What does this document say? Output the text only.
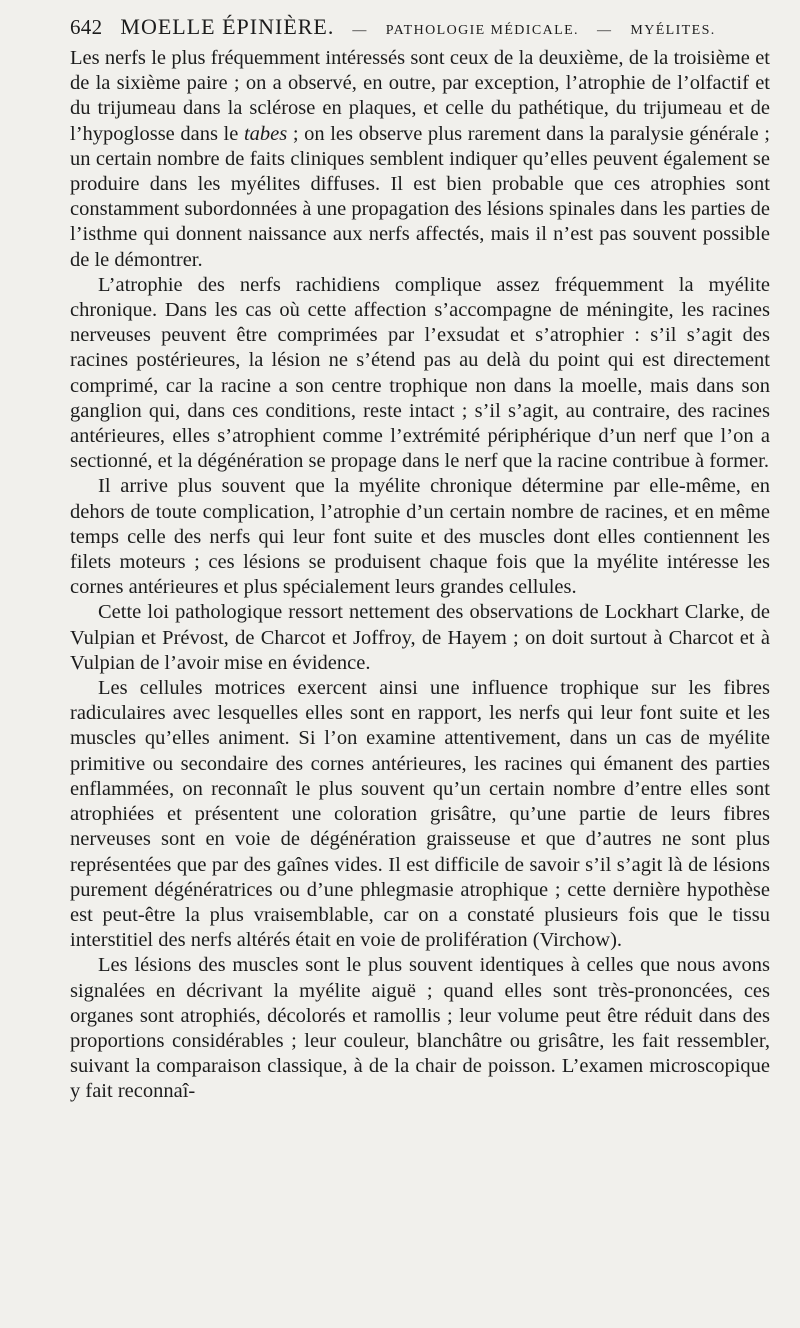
642 MOELLE ÉPINIÈRE. — PATHOLOGIE MÉDICALE. — MYÉLITES.

Les nerfs le plus fréquemment intéressés sont ceux de la deuxième, de la troisième et de la sixième paire ; on a observé, en outre, par exception, l’atrophie de l’olfactif et du trijumeau dans la sclérose en plaques, et celle du pathétique, du trijumeau et de l’hypoglosse dans le tabes ; on les observe plus rarement dans la paralysie générale ; un certain nombre de faits cliniques semblent indiquer qu’elles peuvent également se produire dans les myélites diffuses. Il est bien probable que ces atrophies sont constamment subordonnées à une propagation des lésions spinales dans les parties de l’isthme qui donnent naissance aux nerfs affectés, mais il n’est pas souvent possible de le démontrer.

L’atrophie des nerfs rachidiens complique assez fréquemment la myélite chronique. Dans les cas où cette affection s’accompagne de méningite, les racines nerveuses peuvent être comprimées par l’exsudat et s’atrophier : s’il s’agit des racines postérieures, la lésion ne s’étend pas au delà du point qui est directement comprimé, car la racine a son centre trophique non dans la moelle, mais dans son ganglion qui, dans ces conditions, reste intact ; s’il s’agit, au contraire, des racines antérieures, elles s’atrophient comme l’extrémité périphérique d’un nerf que l’on a sectionné, et la dégénération se propage dans le nerf que la racine contribue à former.

Il arrive plus souvent que la myélite chronique détermine par elle-même, en dehors de toute complication, l’atrophie d’un certain nombre de racines, et en même temps celle des nerfs qui leur font suite et des muscles dont elles contiennent les filets moteurs ; ces lésions se produisent chaque fois que la myélite intéresse les cornes antérieures et plus spécialement leurs grandes cellules.

Cette loi pathologique ressort nettement des observations de Lockhart Clarke, de Vulpian et Prévost, de Charcot et Joffroy, de Hayem ; on doit surtout à Charcot et à Vulpian de l’avoir mise en évidence.

Les cellules motrices exercent ainsi une influence trophique sur les fibres radiculaires avec lesquelles elles sont en rapport, les nerfs qui leur font suite et les muscles qu’elles animent. Si l’on examine attentivement, dans un cas de myélite primitive ou secondaire des cornes antérieures, les racines qui émanent des parties enflammées, on reconnaît le plus souvent qu’un certain nombre d’entre elles sont atrophiées et présentent une coloration grisâtre, qu’une partie de leurs fibres nerveuses sont en voie de dégénération graisseuse et que d’autres ne sont plus représentées que par des gaînes vides. Il est difficile de savoir s’il s’agit là de lésions purement dégénératrices ou d’une phlegmasie atrophique ; cette dernière hypothèse est peut-être la plus vraisemblable, car on a constaté plusieurs fois que le tissu interstitiel des nerfs altérés était en voie de prolifération (Virchow).

Les lésions des muscles sont le plus souvent identiques à celles que nous avons signalées en décrivant la myélite aiguë ; quand elles sont très-prononcées, ces organes sont atrophiés, décolorés et ramollis ; leur volume peut être réduit dans des proportions considérables ; leur couleur, blanchâtre ou grisâtre, les fait ressembler, suivant la comparaison classique, à de la chair de poisson. L’examen microscopique y fait reconnaî-
